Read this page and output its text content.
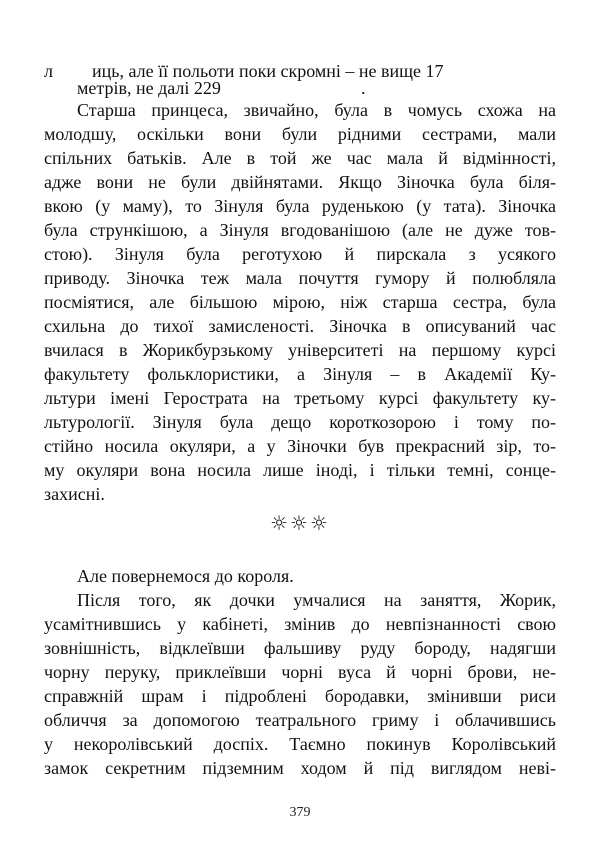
л иць, але її польоти поки скромні – не вище 17
метрів, не далі 229	.
Старша принцеса, звичайно, була в чомусь схожа на
молодшу, оскільки вони були рідними сестрами, мали
спільних батьків. Але в той же час мала й відмінності,
адже вони не були двійнятами. Якщо Зіночка була біля-
вкою (у маму), то Зінуля була руденькою (у тата). Зіночка
була стрункішою, а Зінуля вгодованішою (але не дуже тов-
стою). Зінуля була реготухою й пирскала з усякого
приводу. Зіночка теж мала почуття гумору й полюбляла
посміятися, але більшою мірою, ніж старша сестра, була
схильна до тихої замисленості. Зіночка в описуваний час
вчилася в Жорикбурзькому університеті на першому курсі
факультету фольклористики, а Зінуля – в Академії Ку-
льтури імені Герострата на третьому курсі факультету ку-
льтурології. Зінуля була дещо короткозорою і тому по-
стійно носила окуляри, а у Зіночки був прекрасний зір, то-
му окуляри вона носила лише іноді, і тільки темні, сонце-
захисні.
☼☼☼
Але повернемося до короля.
Після того, як дочки умчалися на заняття, Жорик,
усамітнившись у кабінеті, змінив до невпізнанності свою
зовнішність, відклеївши фальшиву руду бороду, надягши
чорну перуку, приклеївши чорні вуса й чорні брови, не-
справжній шрам і підроблені бородавки, змінивши риси
обличчя за допомогою театрального гриму і облачившись
у некоролівський доспіх. Таємно покинув Королівський
замок секретним підземним ходом й під виглядом неві-
379
